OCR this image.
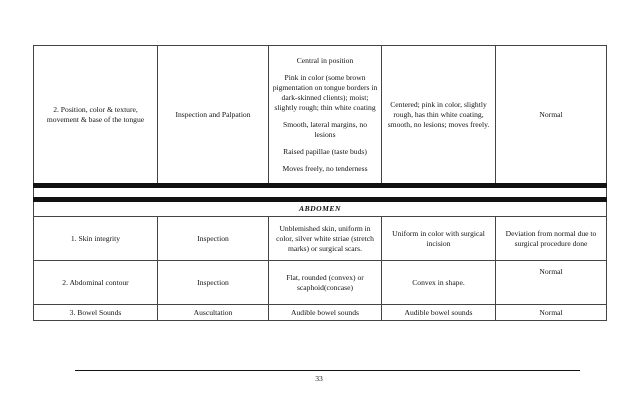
2. Position, color & texture, movement & base of the tongue	Inspection and Palpation	Central in position

Pink in color (some brown pigmentation on tongue borders in dark-skinned clients); moist; slightly rough; thin white coating

Smooth, lateral margins, no lesions

Raised papillae (taste buds)

Moves freely, no tenderness	Centered; pink in color, slightly rough, has thin white coating, smooth, no lesions; moves freely.	Normal

ABDOMEN				
1. Skin integrity	Inspection	Unblemished skin, uniform in color, silver white striae (stretch marks) or surgical scars.	Uniform in color with surgical incision	Deviation from normal due to surgical procedure done
2. Abdominal contour	Inspection	Flat, rounded (convex) or scaphoid(concase)	Convex in shape.	Normal
3. Bowel Sounds	Auscultation	Audible bowel sounds	Audible bowel sounds	Normal
33
